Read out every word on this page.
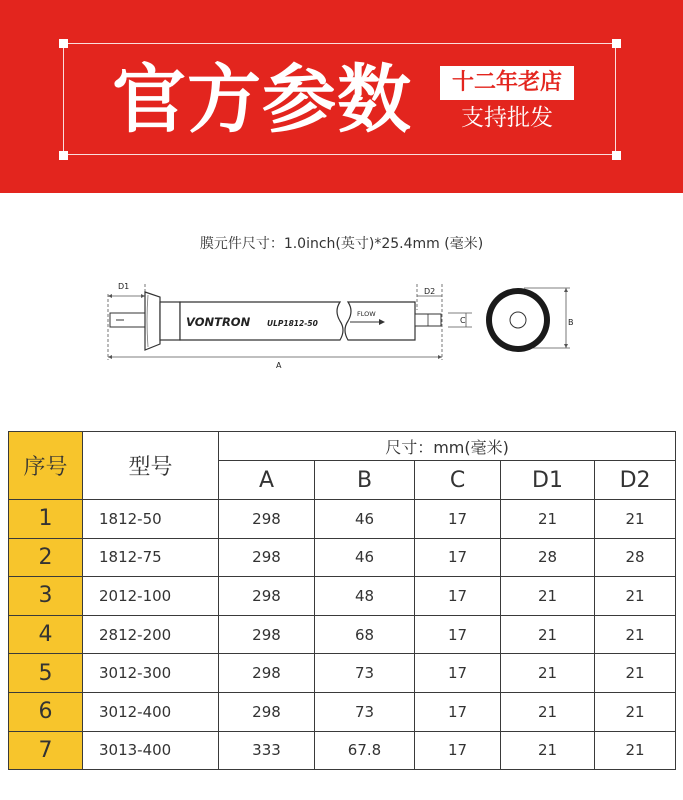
官方参数	十二年老店
支持批发
膜元件尺寸：1.0inch(英寸)*25.4mm (毫米)
VONTRON ULP1812-50
FLOW
D1
D2
A
C	B
序号	型号	尺寸：mm(毫米)				
		A	B	C	D1	D2
1	1812-50	298	46	17	21	21
2	1812-75	298	46	17	28	28
3	2012-100	298	48	17	21	21
4	2812-200	298	68	17	21	21
5	3012-300	298	73	17	21	21
6	3012-400	298	73	17	21	21
7	3013-400	333	67.8	17	21	21
